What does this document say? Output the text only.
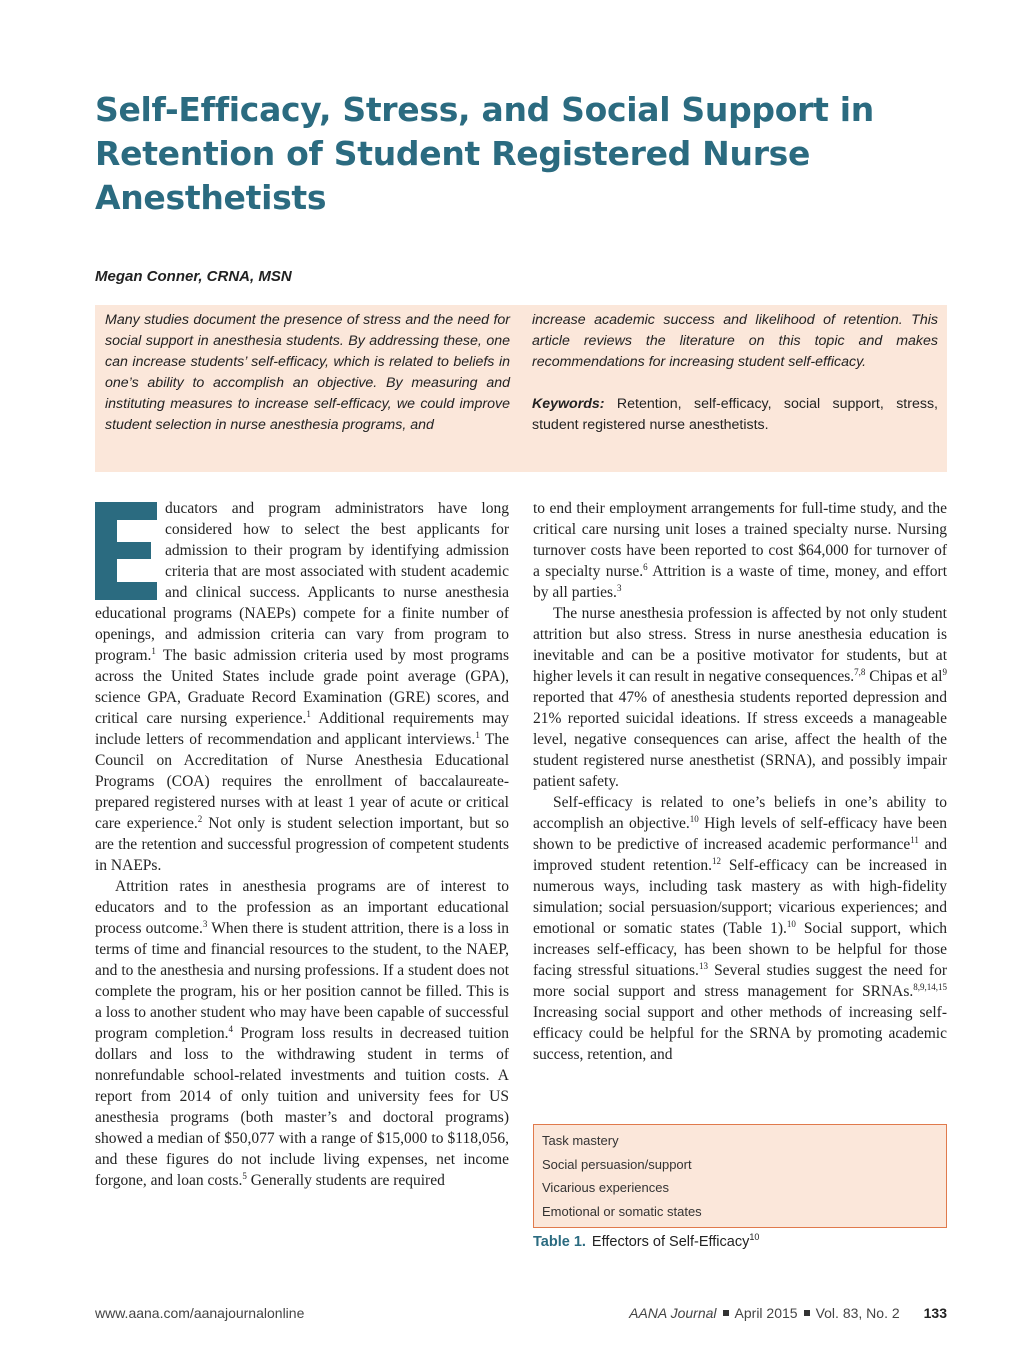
Self-Efficacy, Stress, and Social Support in Retention of Student Registered Nurse Anesthetists
Megan Conner, CRNA, MSN
Many studies document the presence of stress and the need for social support in anesthesia students. By addressing these, one can increase students’ self-efficacy, which is related to beliefs in one’s ability to accomplish an objective. By measuring and instituting measures to increase self-efficacy, we could improve student selection in nurse anesthesia programs, and

increase academic success and likelihood of retention. This article reviews the literature on this topic and makes recommendations for increasing student self-efficacy.

Keywords: Retention, self-efficacy, social support, stress, student registered nurse anesthetists.

ducators and program administrators have long considered how to select the best applicants for admission to their program by identifying admission criteria that are most associated with student academic and clinical success. Applicants to nurse anesthesia educational programs (NAEPs) compete for a finite number of openings, and admission criteria can vary from program to program.$^1$ The basic admission criteria used by most programs across the United States include grade point average (GPA), science GPA, Graduate Record Examination (GRE) scores, and critical care nursing experience.$^1$ Additional requirements may include letters of recommendation and applicant interviews.$^1$ The Council on Accreditation of Nurse Anesthesia Educational Programs (COA) requires the enrollment of baccalaureate-prepared registered nurses with at least 1 year of acute or critical care experience.$^2$ Not only is student selection important, but so are the retention and successful progression of competent students in NAEPs.

Attrition rates in anesthesia programs are of interest to educators and to the profession as an important educational process outcome.$^3$ When there is student attrition, there is a loss in terms of time and financial resources to the student, to the NAEP, and to the anesthesia and nursing professions. If a student does not complete the program, his or her position cannot be filled. This is a loss to another student who may have been capable of successful program completion.$^4$ Program loss results in decreased tuition dollars and loss to the withdrawing student in terms of nonrefundable school-related investments and tuition costs. A report from 2014 of only tuition and university fees for US anesthesia programs (both master’s and doctoral programs) showed a median of $50,077 with a range of $15,000 to $118,056, and these figures do not include living expenses, net income forgone, and loan costs.$^5$ Generally students are required

to end their employment arrangements for full-time study, and the critical care nursing unit loses a trained specialty nurse. Nursing turnover costs have been reported to cost $64,000 for turnover of a specialty nurse.$^6$ Attrition is a waste of time, money, and effort by all parties.$^3$

The nurse anesthesia profession is affected by not only student attrition but also stress. Stress in nurse anesthesia education is inevitable and can be a positive motivator for students, but at higher levels it can result in negative consequences.$^{7,8}$ Chipas et $al^9$ reported that 47% of anesthesia students reported depression and 21% reported suicidal ideations. If stress exceeds a manageable level, negative consequences can arise, affect the health of the student registered nurse anesthetist (SRNA), and possibly impair patient safety.

Self-efficacy is related to one’s beliefs in one’s ability to accomplish an objective.$^{10}$ High levels of self-efficacy have been shown to be predictive of increased academic performance$^{11}$ and improved student retention.$^{12}$ Self-efficacy can be increased in numerous ways, including task mastery as with high-fidelity simulation; social persuasion/support; vicarious experiences; and emotional or somatic states (Table 1).$^{10}$ Social support, which increases self-efficacy, has been shown to be helpful for those facing stressful situations.$^{13}$ Several studies suggest the need for more social support and stress management for SRNAs.$^{8,9,14,15}$ Increasing social support and other methods of increasing self-efficacy could be helpful for the SRNA by promoting academic success, retention, and

Task mastery
Social persuasion/support
Vicarious experiences
Emotional or somatic states
Table 1. Effectors of Self-Efficacy$^{10}$
www.aana.com/aanajournalonline	AANA Journal April 2015 Vol. 83, No. 2 133
